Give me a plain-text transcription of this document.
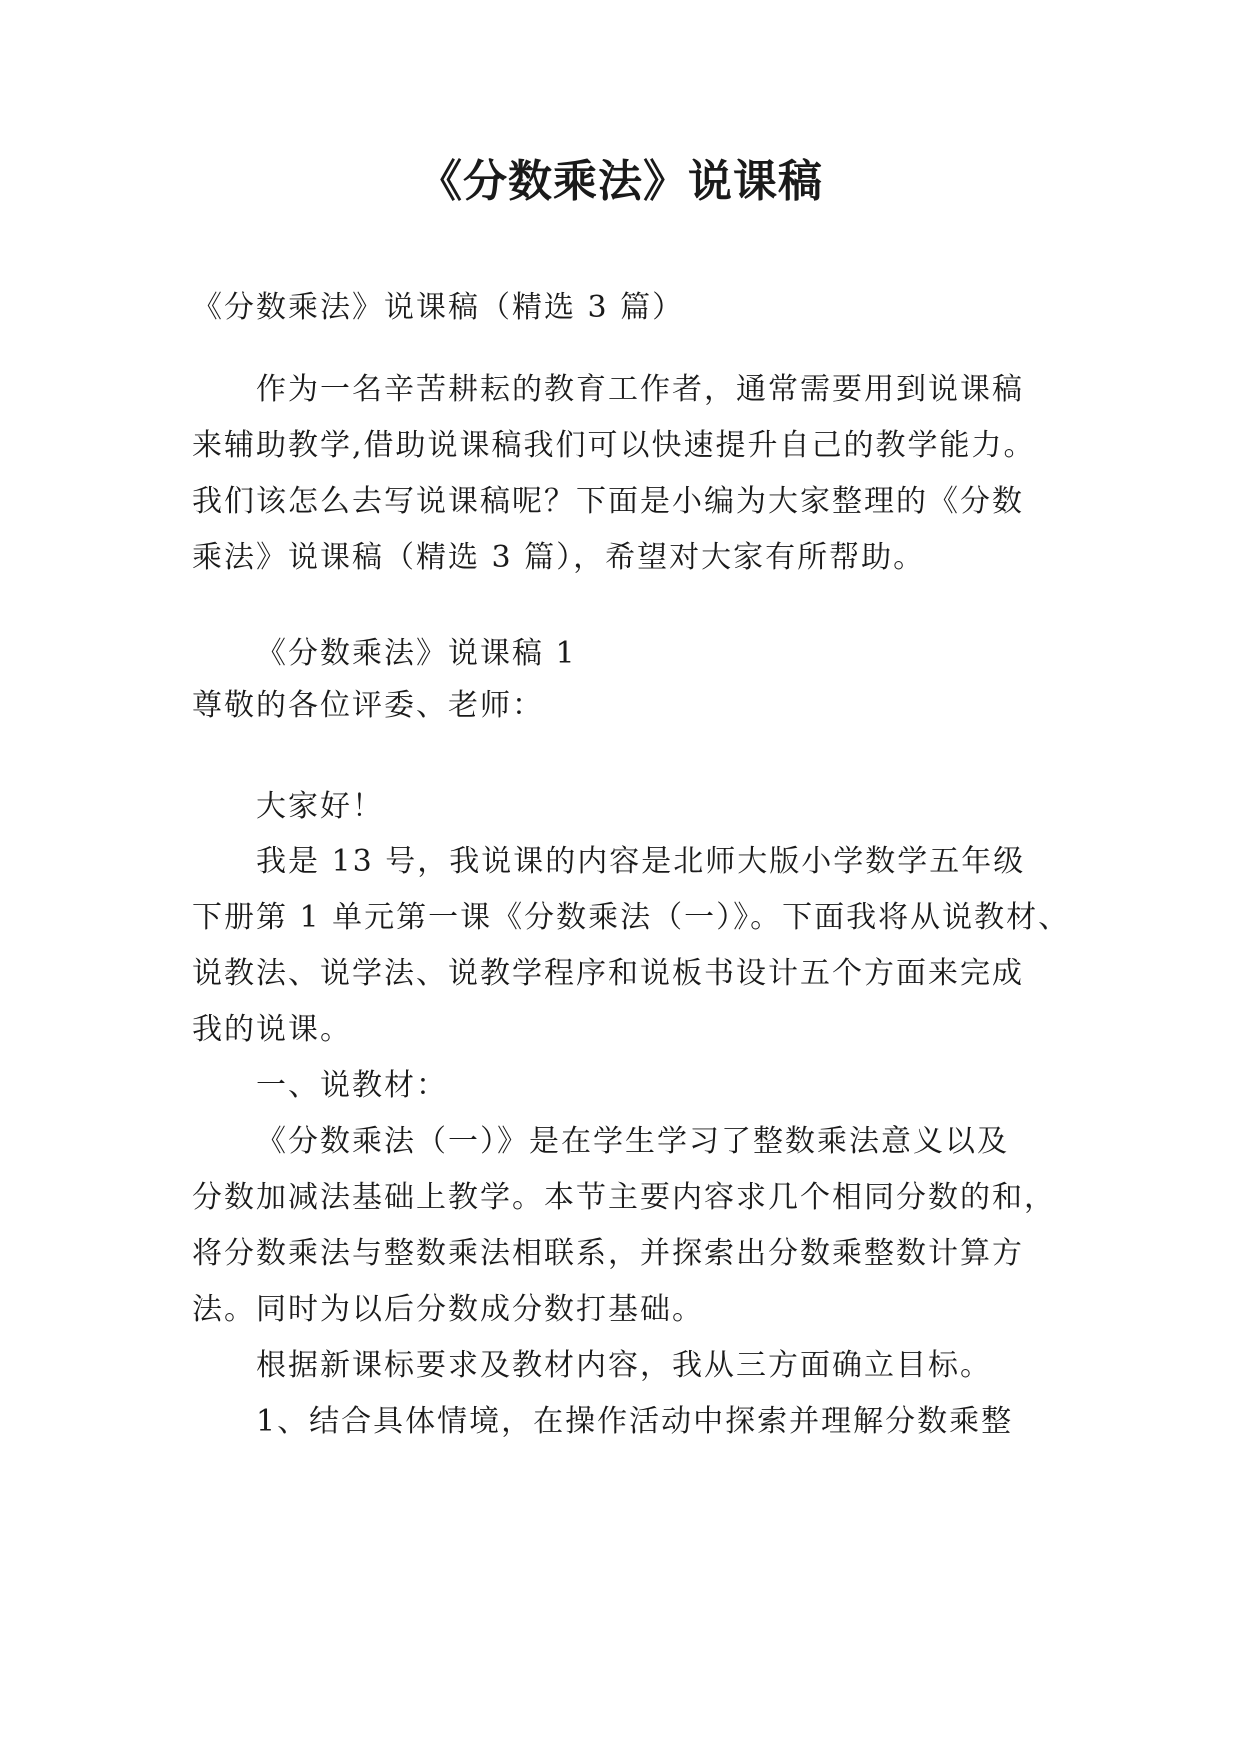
《分数乘法》说课稿
《分数乘法》说课稿（精选 3 篇）
作为一名辛苦耕耘的教育工作者，通常需要用到说课稿
来辅助教学,借助说课稿我们可以快速提升自己的教学能力。
我们该怎么去写说课稿呢？下面是小编为大家整理的《分数
乘法》说课稿（精选 3 篇），希望对大家有所帮助。
《分数乘法》说课稿 1
尊敬的各位评委、老师：
大家好！
我是 13 号，我说课的内容是北师大版小学数学五年级
下册第 1 单元第一课《分数乘法（一）》。下面我将从说教材、
说教法、说学法、说教学程序和说板书设计五个方面来完成
我的说课。
一、说教材：
《分数乘法（一）》是在学生学习了整数乘法意义以及
分数加减法基础上教学。本节主要内容求几个相同分数的和，
将分数乘法与整数乘法相联系，并探索出分数乘整数计算方
法。同时为以后分数成分数打基础。
根据新课标要求及教材内容，我从三方面确立目标。
1、结合具体情境，在操作活动中探索并理解分数乘整
